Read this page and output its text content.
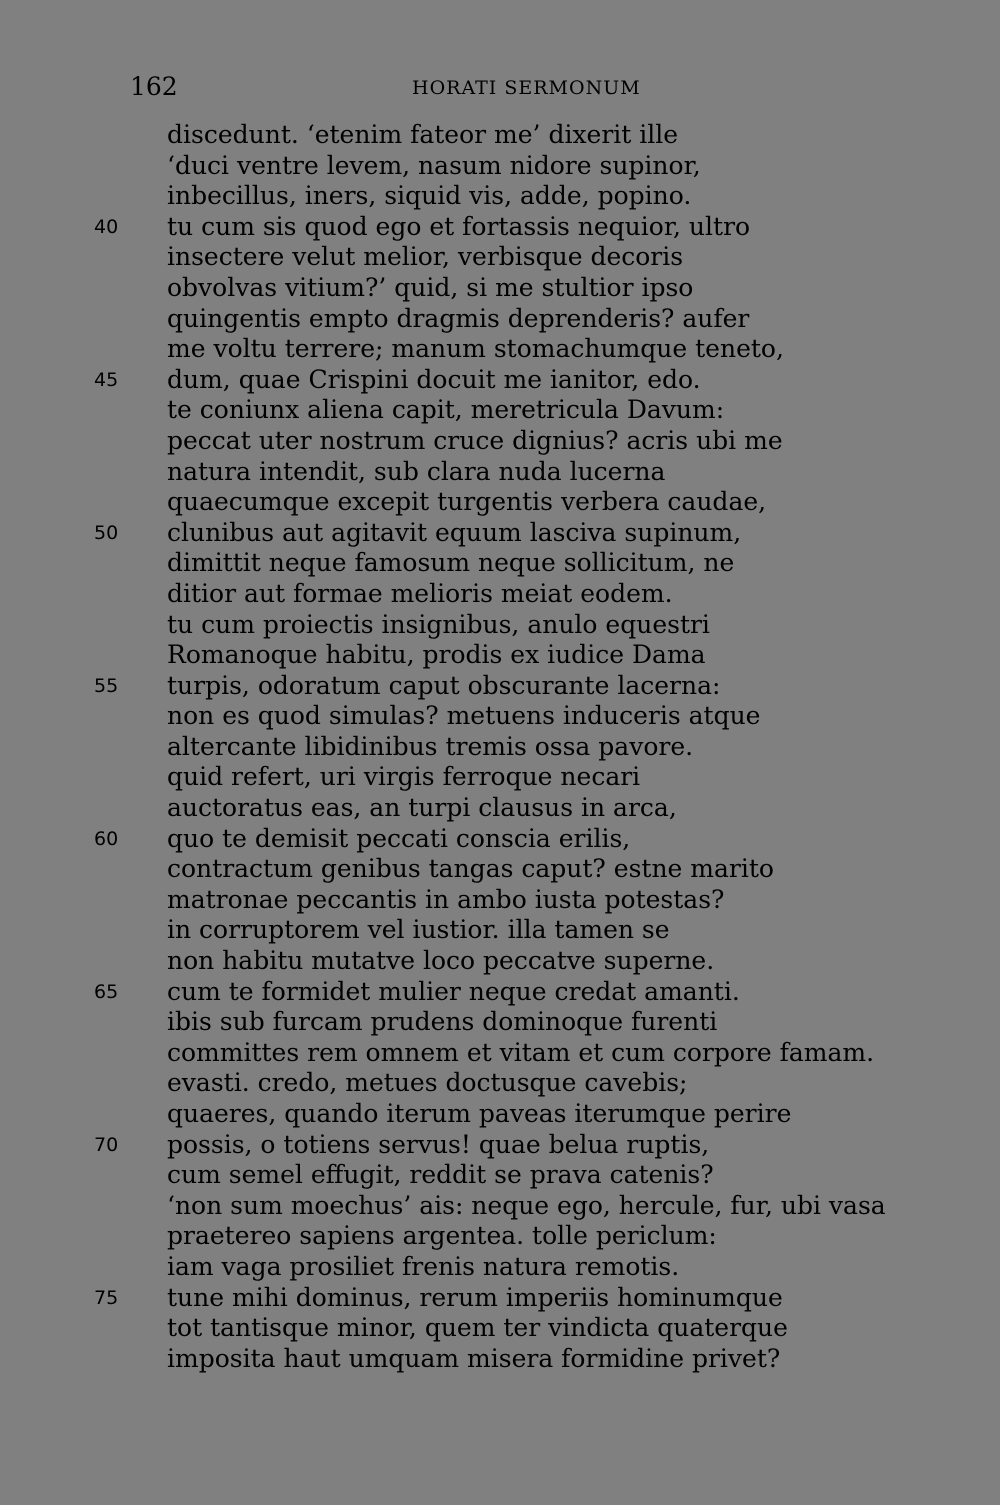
162	HORATI SERMONUM
discedunt. ‘etenim fateor me’ dixerit ille
‘duci ventre levem, nasum nidore supinor,
inbecillus, iners, siquid vis, adde, popino.
40 tu cum sis quod ego et fortassis nequior, ultro
insectere velut melior, verbisque decoris
obvolvas vitium?’ quid, si me stultior ipso
quingentis empto dragmis deprenderis? aufer
me voltu terrere; manum stomachumque teneto,
45 dum, quae Crispini docuit me ianitor, edo.
te coniunx aliena capit, meretricula Davum:
peccat uter nostrum cruce dignius? acris ubi me
natura intendit, sub clara nuda lucerna
quaecumque excepit turgentis verbera caudae,
50 clunibus aut agitavit equum lasciva supinum,
dimittit neque famosum neque sollicitum, ne
ditior aut formae melioris meiat eodem.
tu cum proiectis insignibus, anulo equestri
Romanoque habitu, prodis ex iudice Dama
55 turpis, odoratum caput obscurante lacerna:
non es quod simulas? metuens induceris atque
altercante libidinibus tremis ossa pavore.
quid refert, uri virgis ferroque necari
auctoratus eas, an turpi clausus in arca,
60 quo te demisit peccati conscia erilis,
contractum genibus tangas caput? estne marito
matronae peccantis in ambo iusta potestas?
in corruptorem vel iustior. illa tamen se
non habitu mutatve loco peccatve superne.
65 cum te formidet mulier neque credat amanti.
ibis sub furcam prudens dominoque furenti
committes rem omnem et vitam et cum corpore famam.
evasti. credo, metues doctusque cavebis;
quaeres, quando iterum paveas iterumque perire
70 possis, o totiens servus! quae belua ruptis,
cum semel effugit, reddit se prava catenis?
‘non sum moechus’ ais: neque ego, hercule, fur, ubi vasa
praetereo sapiens argentea. tolle periclum:
iam vaga prosiliet frenis natura remotis.
75 tune mihi dominus, rerum imperiis hominumque
tot tantisque minor, quem ter vindicta quaterque
imposita haut umquam misera formidine privet?
